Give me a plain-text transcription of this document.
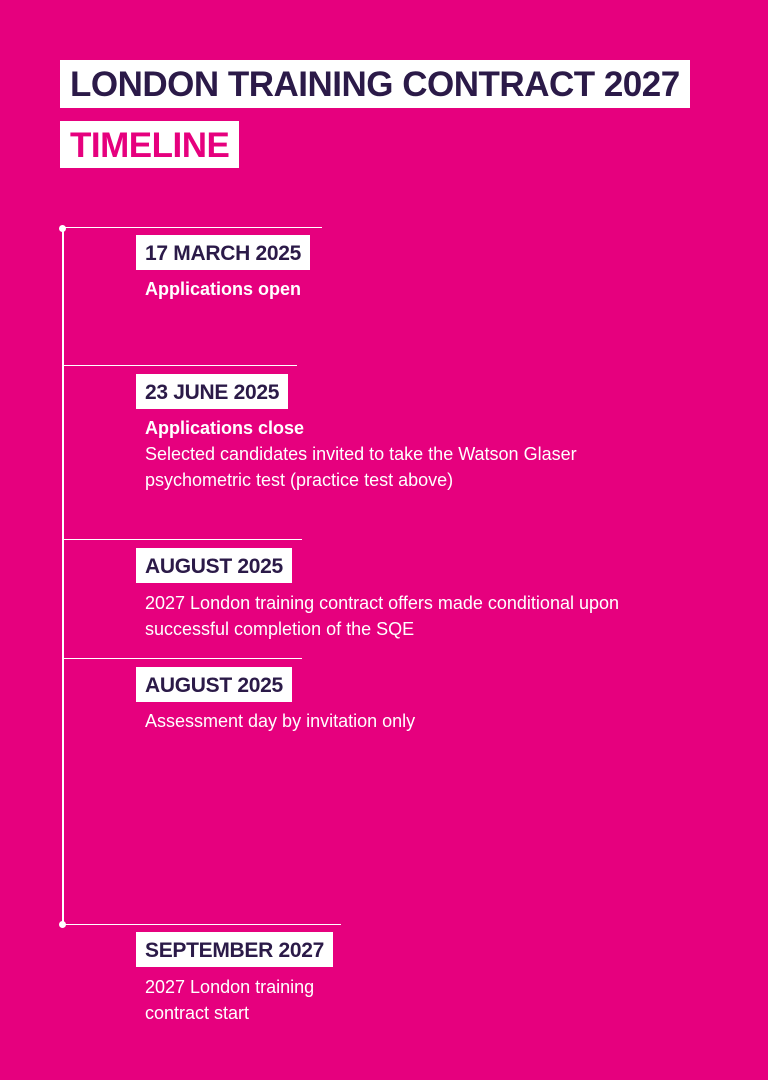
LONDON TRAINING CONTRACT 2027
TIMELINE
17 MARCH 2025
Applications open
23 JUNE 2025
Applications close
Selected candidates invited to take the Watson Glaser psychometric test (practice test above)
AUGUST 2025
2027 London training contract offers made conditional upon successful completion of the SQE
AUGUST 2025
Assessment day by invitation only
SEPTEMBER 2027
2027 London training contract start
